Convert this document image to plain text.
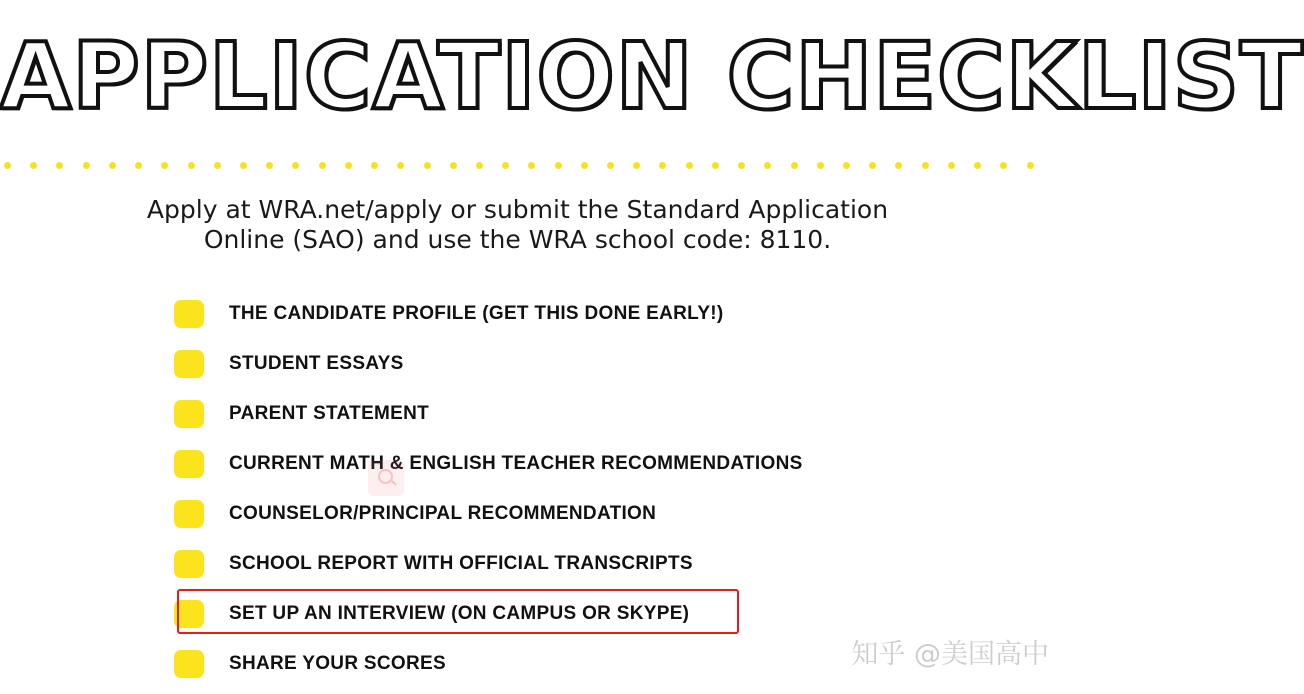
APPLICATION CHECKLIST
Apply at WRA.net/apply or submit the Standard Application
Online (SAO) and use the WRA school code: 8110.
THE CANDIDATE PROFILE (GET THIS DONE EARLY!)
STUDENT ESSAYS
PARENT STATEMENT
CURRENT MATH & ENGLISH TEACHER RECOMMENDATIONS
COUNSELOR/PRINCIPAL RECOMMENDATION
SCHOOL REPORT WITH OFFICIAL TRANSCRIPTS
SET UP AN INTERVIEW (ON CAMPUS OR SKYPE)
SHARE YOUR SCORES	知乎 @美国高中
